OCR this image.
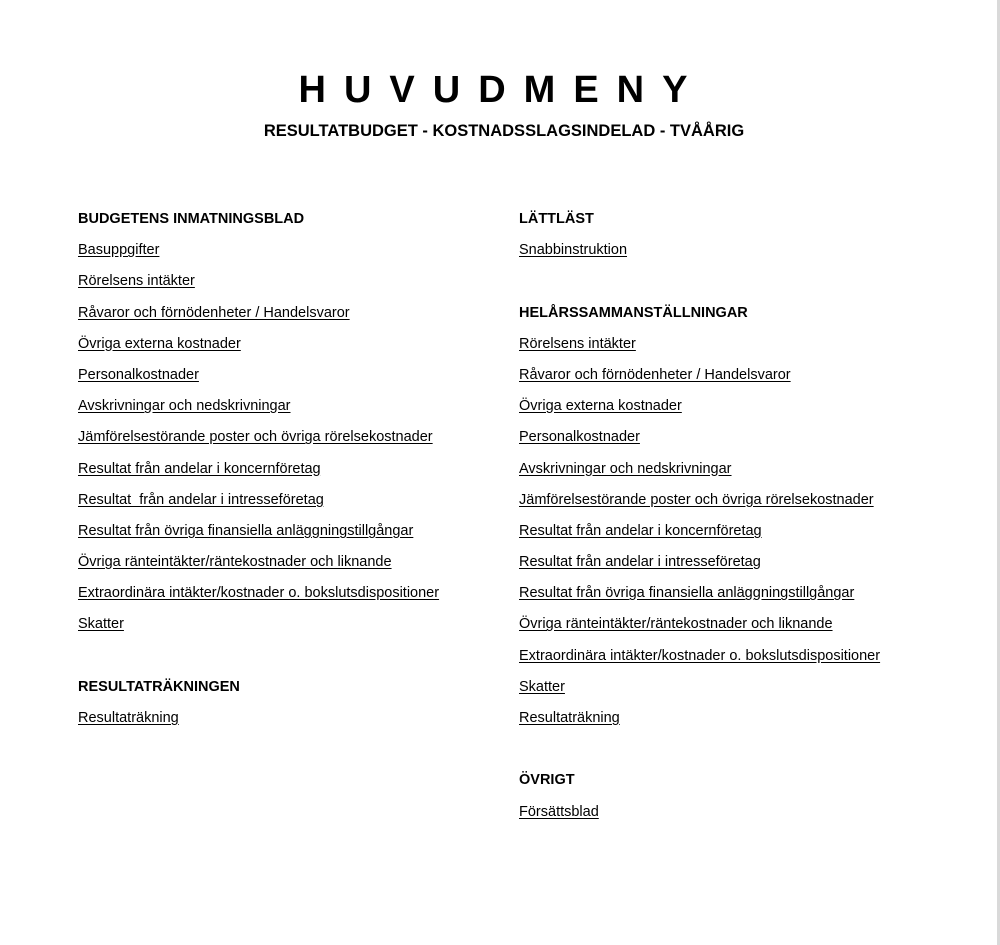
HUVUDMENY
RESULTATBUDGET - KOSTNADSSLAGSINDELAD - TVÅÅRIG
BUDGETENS INMATNINGSBLAD
Basuppgifter
Rörelsens intäkter
Råvaror och förnödenheter / Handelsvaror
Övriga externa kostnader
Personalkostnader
Avskrivningar och nedskrivningar
Jämförelsestörande poster och övriga rörelsekostnader
Resultat från andelar i koncernföretag
Resultat  från andelar i intresseföretag
Resultat från övriga finansiella anläggningstillgångar
Övriga ränteintäkter/räntekostnader och liknande
Extraordinära intäkter/kostnader o. bokslutsdispositioner
Skatter
RESULTATRÄKNINGEN
Resultaträkning
LÄTTLÄST
Snabbinstruktion
HELÅRSSAMMANSTÄLLNINGAR
Rörelsens intäkter
Råvaror och förnödenheter / Handelsvaror
Övriga externa kostnader
Personalkostnader
Avskrivningar och nedskrivningar
Jämförelsestörande poster och övriga rörelsekostnader
Resultat från andelar i koncernföretag
Resultat från andelar i intresseföretag
Resultat från övriga finansiella anläggningstillgångar
Övriga ränteintäkter/räntekostnader och liknande
Extraordinära intäkter/kostnader o. bokslutsdispositioner
Skatter
Resultaträkning
ÖVRIGT
Försättsblad
